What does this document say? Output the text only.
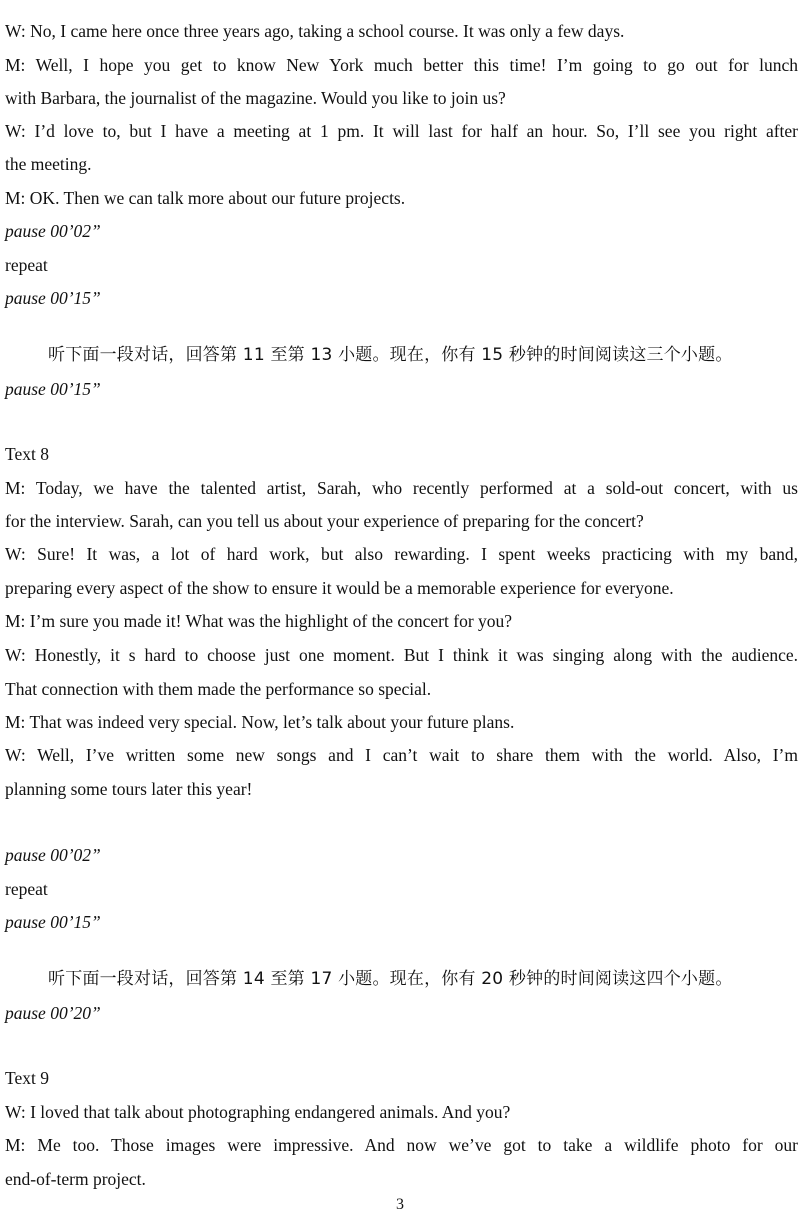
W: No, I came here once three years ago, taking a school course. It was only a few days.
M: Well, I hope you get to know New York much better this time! I’m going to go out for lunch
with Barbara, the journalist of the magazine. Would you like to join us?
W: I’d love to, but I have a meeting at 1 pm. It will last for half an hour. So, I’ll see you right after
the meeting.
M: OK. Then we can talk more about our future projects.
pause 00’02”
repeat
pause 00’15”
听下面一段对话，回答第 11 至第 13 小题。现在，你有 15 秒钟的时间阅读这三个小题。
pause 00’15”
Text 8
M: Today, we have the talented artist, Sarah, who recently performed at a sold-out concert, with us
for the interview. Sarah, can you tell us about your experience of preparing for the concert?
W: Sure! It was, a lot of hard work, but also rewarding. I spent weeks practicing with my band,
preparing every aspect of the show to ensure it would be a memorable experience for everyone.
M: I’m sure you made it! What was the highlight of the concert for you?
W: Honestly, it s hard to choose just one moment. But I think it was singing along with the audience.
That connection with them made the performance so special.
M: That was indeed very special. Now, let’s talk about your future plans.
W: Well, I’ve written some new songs and I can’t wait to share them with the world. Also, I’m
planning some tours later this year!
pause 00’02”
repeat
pause 00’15”
听下面一段对话，回答第 14 至第 17 小题。现在，你有 20 秒钟的时间阅读这四个小题。
pause 00’20”
Text 9
W: I loved that talk about photographing endangered animals. And you?
M: Me too. Those images were impressive. And now we’ve got to take a wildlife photo for our
end-of-term project.
3
